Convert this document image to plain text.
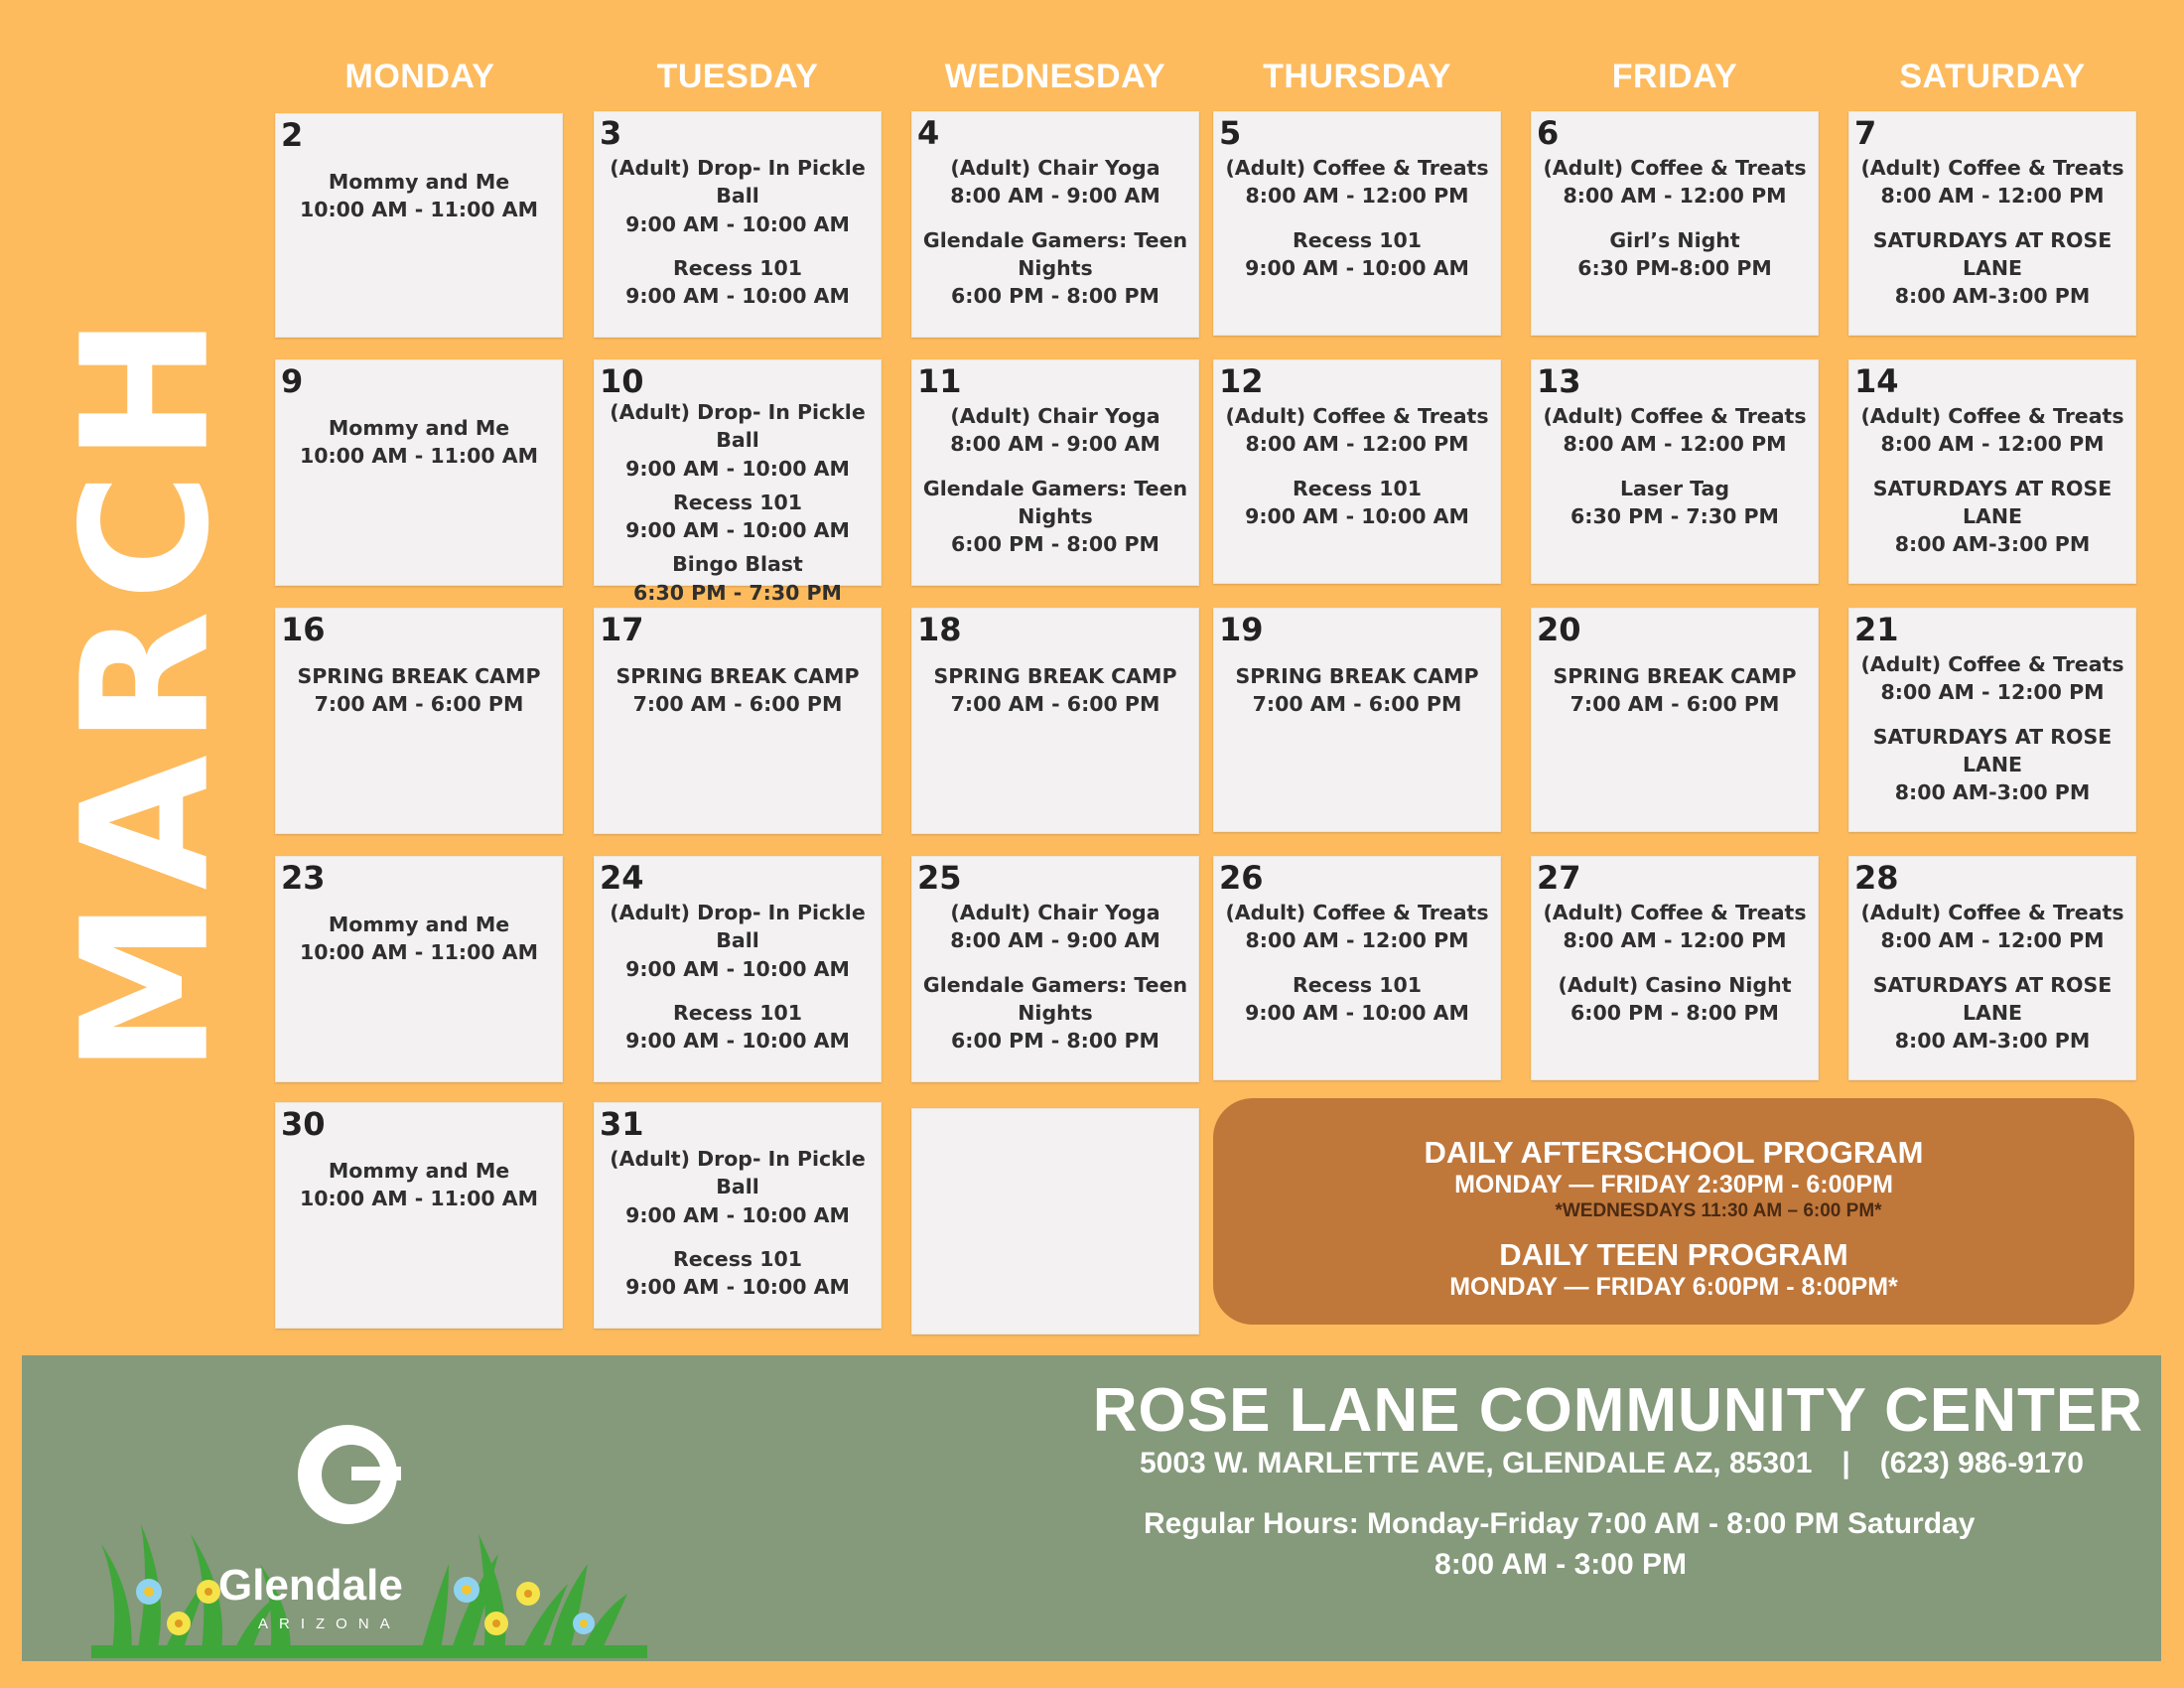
MARCH
MONDAY	TUESDAY	WEDNESDAY	THURSDAY	FRIDAY	SATURDAY
2
Mommy and Me
10:00 AM - 11:00 AM
3
(Adult) Drop- In Pickle Ball
9:00 AM - 10:00 AM
Recess 101
9:00 AM - 10:00 AM
4
(Adult) Chair Yoga
8:00 AM - 9:00 AM
Glendale Gamers: Teen Nights
6:00 PM - 8:00 PM
5
(Adult) Coffee & Treats
8:00 AM - 12:00 PM
Recess 101
9:00 AM - 10:00 AM
6
(Adult) Coffee & Treats
8:00 AM - 12:00 PM
Girl’s Night
6:30 PM-8:00 PM
7
(Adult) Coffee & Treats
8:00 AM - 12:00 PM
SATURDAYS AT ROSE LANE
8:00 AM-3:00 PM
9
Mommy and Me
10:00 AM - 11:00 AM
10
(Adult) Drop- In Pickle Ball
9:00 AM - 10:00 AM
Recess 101
9:00 AM - 10:00 AM
Bingo Blast
6:30 PM - 7:30 PM
11
(Adult) Chair Yoga
8:00 AM - 9:00 AM
Glendale Gamers: Teen Nights
6:00 PM - 8:00 PM
12
(Adult) Coffee & Treats
8:00 AM - 12:00 PM
Recess 101
9:00 AM - 10:00 AM
13
(Adult) Coffee & Treats
8:00 AM - 12:00 PM
Laser Tag
6:30 PM - 7:30 PM
14
(Adult) Coffee & Treats
8:00 AM - 12:00 PM
SATURDAYS AT ROSE LANE
8:00 AM-3:00 PM
16
SPRING BREAK CAMP
7:00 AM - 6:00 PM
17
SPRING BREAK CAMP
7:00 AM - 6:00 PM
18
SPRING BREAK CAMP
7:00 AM - 6:00 PM
19
SPRING BREAK CAMP
7:00 AM - 6:00 PM
20
SPRING BREAK CAMP
7:00 AM - 6:00 PM
21
(Adult) Coffee & Treats
8:00 AM - 12:00 PM
SATURDAYS AT ROSE LANE
8:00 AM-3:00 PM
23
Mommy and Me
10:00 AM - 11:00 AM
24
(Adult) Drop- In Pickle Ball
9:00 AM - 10:00 AM
Recess 101
9:00 AM - 10:00 AM
25
(Adult) Chair Yoga
8:00 AM - 9:00 AM
Glendale Gamers: Teen Nights
6:00 PM - 8:00 PM
26
(Adult) Coffee & Treats
8:00 AM - 12:00 PM
Recess 101
9:00 AM - 10:00 AM
27
(Adult) Coffee & Treats
8:00 AM - 12:00 PM
(Adult) Casino Night
6:00 PM - 8:00 PM
28
(Adult) Coffee & Treats
8:00 AM - 12:00 PM
SATURDAYS AT ROSE LANE
8:00 AM-3:00 PM
30
Mommy and Me
10:00 AM - 11:00 AM
31
(Adult) Drop- In Pickle Ball
9:00 AM - 10:00 AM
Recess 101
9:00 AM - 10:00 AM
DAILY AFTERSCHOOL PROGRAM
MONDAY — FRIDAY 2:30PM - 6:00PM
*WEDNESDAYS 11:30 AM – 6:00 PM*
DAILY TEEN PROGRAM
MONDAY — FRIDAY 6:00PM - 8:00PM*
Glendale
ARIZONA
ROSE LANE COMMUNITY CENTER
5003 W. MARLETTE AVE, GLENDALE AZ, 85301 | (623) 986-9170
Regular Hours: Monday-Friday 7:00 AM - 8:00 PM Saturday
8:00 AM - 3:00 PM
